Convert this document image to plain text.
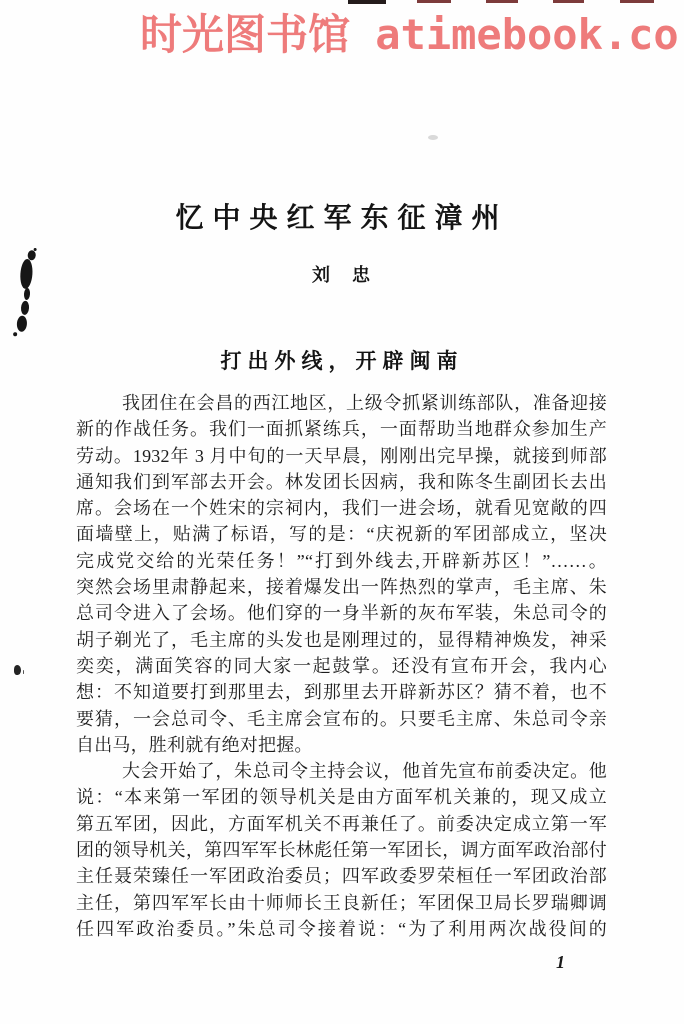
时光图书馆 atimebook.co
忆中央红军东征漳州
刘　忠
打出外线，开辟闽南
我团住在会昌的西江地区，上级令抓紧训练部队，准备迎接
新的作战任务。我们一面抓紧练兵，一面帮助当地群众参加生产
劳动。1932年 3 月中旬的一天早晨，刚刚出完早操，就接到师部
通知我们到军部去开会。林发团长因病，我和陈冬生副团长去出
席。会场在一个姓宋的宗祠内，我们一进会场，就看见宽敞的四
面墙壁上，贴满了标语，写的是：“庆祝新的军团部成立，坚决
完成党交给的光荣任务！”“打到外线去,开辟新苏区！”……。
突然会场里肃静起来，接着爆发出一阵热烈的掌声，毛主席、朱
总司令进入了会场。他们穿的一身半新的灰布军装，朱总司令的
胡子剃光了，毛主席的头发也是刚理过的，显得精神焕发，神采
奕奕，满面笑容的同大家一起鼓掌。还没有宣布开会，我内心
想：不知道要打到那里去，到那里去开辟新苏区？猜不着，也不
要猜，一会总司令、毛主席会宣布的。只要毛主席、朱总司令亲
自出马，胜利就有绝对把握。
大会开始了，朱总司令主持会议，他首先宣布前委决定。他
说：“本来第一军团的领导机关是由方面军机关兼的，现又成立
第五军团，因此，方面军机关不再兼任了。前委决定成立第一军
团的领导机关，第四军军长林彪任第一军团长，调方面军政治部付
主任聂荣臻任一军团政治委员；四军政委罗荣桓任一军团政治部
主任，第四军军长由十师师长王良新任；军团保卫局长罗瑞卿调
任四军政治委员。”朱总司令接着说：“为了利用两次战役间的
1
